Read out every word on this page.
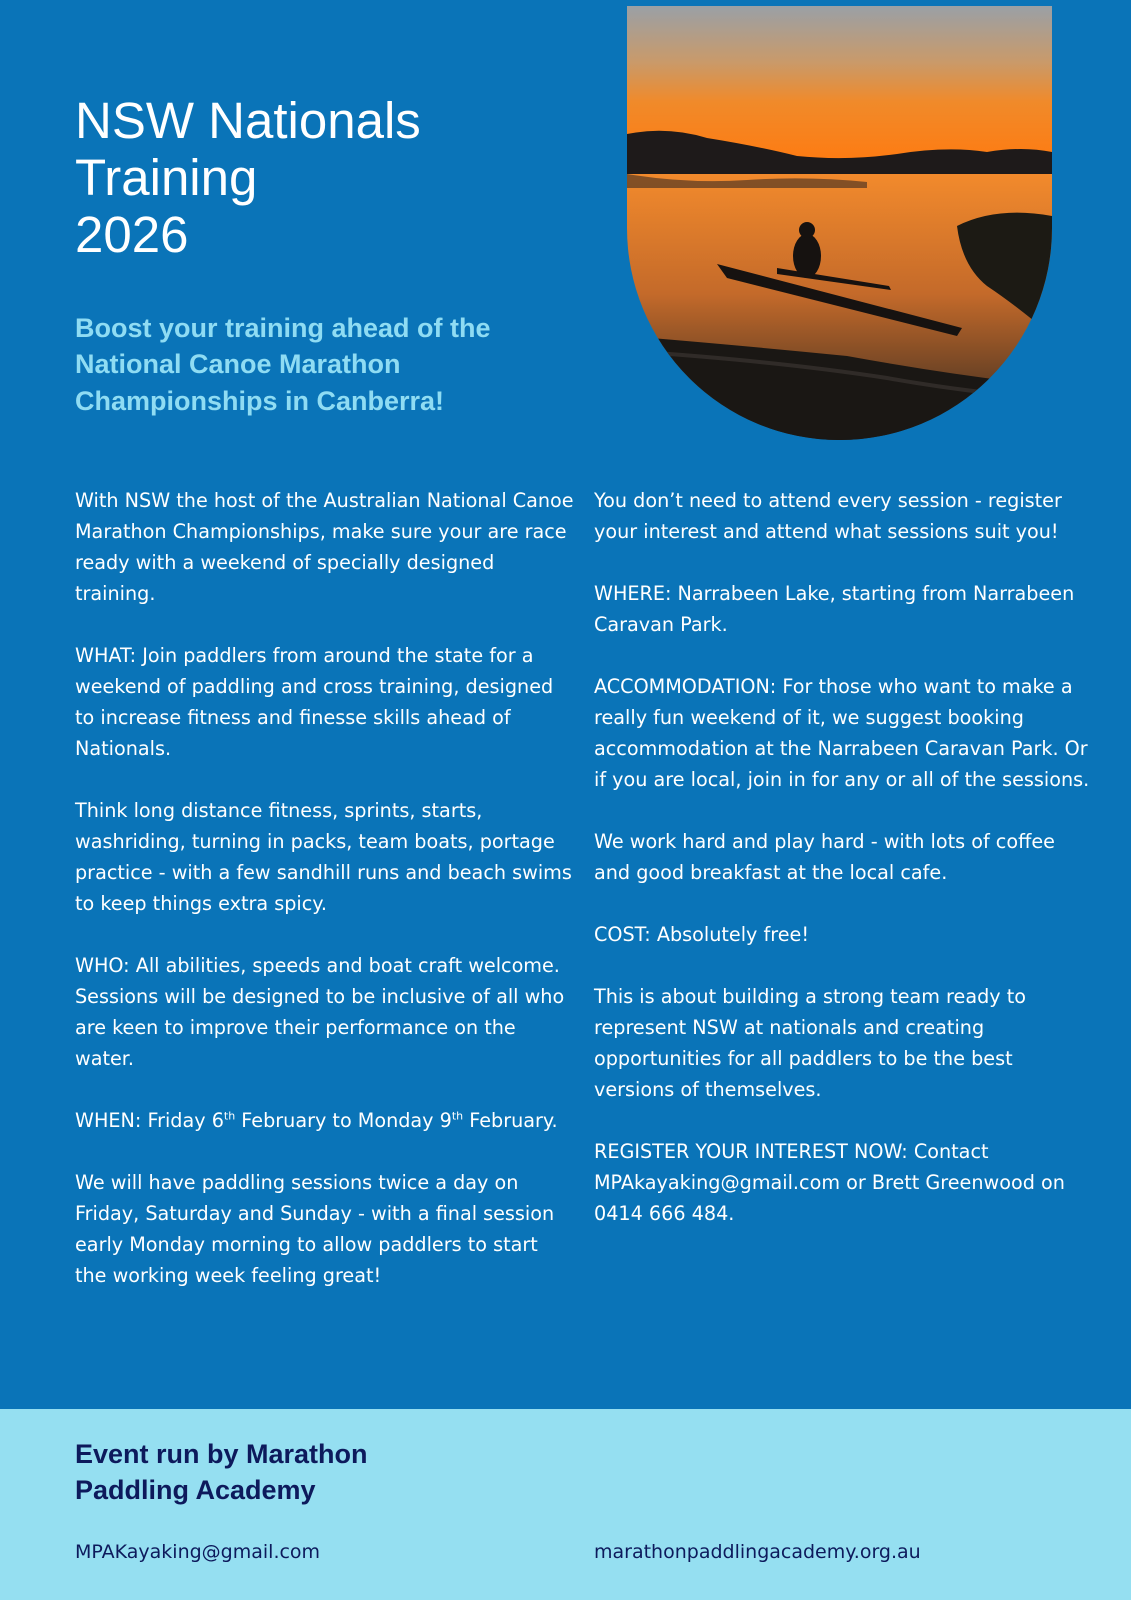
NSW Nationals
Training
2026

Boost your training ahead of the National Canoe Marathon Championships in Canberra!

With NSW the host of the Australian National Canoe Marathon Championships, make sure your are race ready with a weekend of specially designed training.

WHAT: Join paddlers from around the state for a weekend of paddling and cross training, designed to increase fitness and finesse skills ahead of Nationals.

Think long distance fitness, sprints, starts, washriding, turning in packs, team boats, portage practice - with a few sandhill runs and beach swims to keep things extra spicy.

WHO: All abilities, speeds and boat craft welcome. Sessions will be designed to be inclusive of all who are keen to improve their performance on the water.

WHEN: Friday 6th February to Monday 9th February.

We will have paddling sessions twice a day on Friday, Saturday and Sunday - with a final session early Monday morning to allow paddlers to start the working week feeling great!

You don’t need to attend every session - register your interest and attend what sessions suit you!

WHERE: Narrabeen Lake, starting from Narrabeen Caravan Park.

ACCOMMODATION: For those who want to make a really fun weekend of it, we suggest booking accommodation at the Narrabeen Caravan Park. Or if you are local, join in for any or all of the sessions.

We work hard and play hard - with lots of coffee and good breakfast at the local cafe.

COST: Absolutely free!

This is about building a strong team ready to represent NSW at nationals and creating opportunities for all paddlers to be the best versions of themselves.

REGISTER YOUR INTEREST NOW: Contact MPAkayaking@gmail.com or Brett Greenwood on 0414 666 484.

Event run by Marathon
Paddling Academy
MPAKayaking@gmail.com	marathonpaddlingacademy.org.au
